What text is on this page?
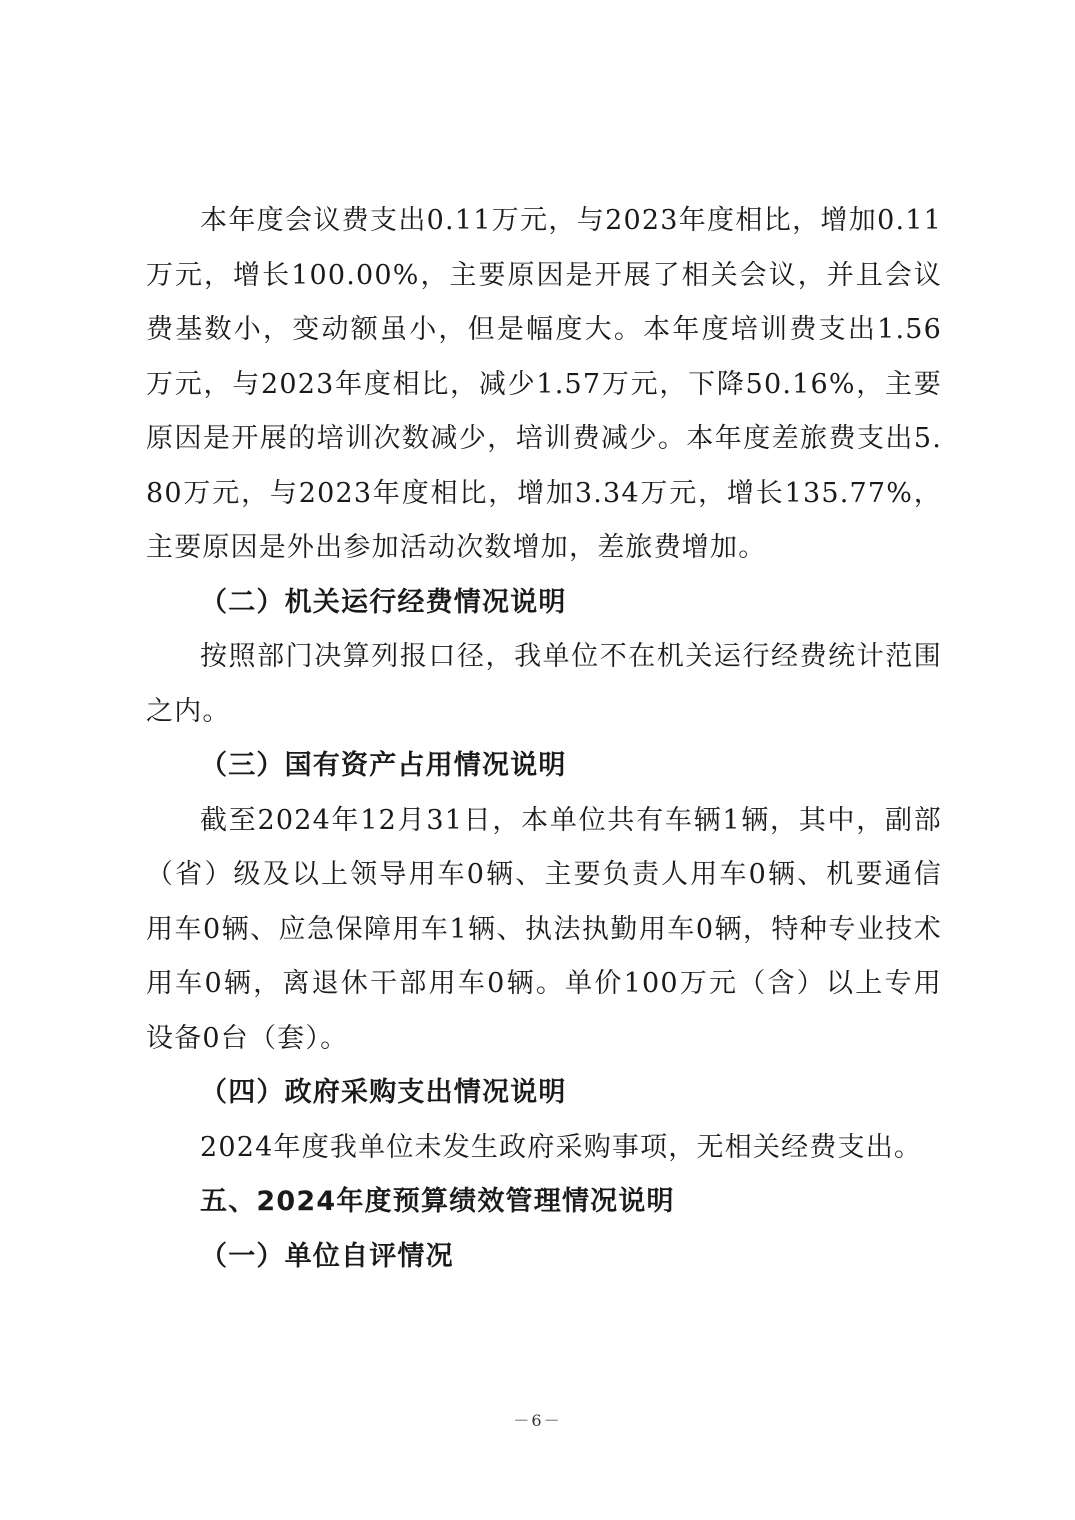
本年度会议费支出0.11万元，与2023年度相比，增加0.11万元，增长100.00%，主要原因是开展了相关会议，并且会议费基数小，变动额虽小，但是幅度大。本年度培训费支出1.56万元，与2023年度相比，减少1.57万元，下降50.16%，主要原因是开展的培训次数减少，培训费减少。本年度差旅费支出5.80万元，与2023年度相比，增加3.34万元，增长135.77%，主要原因是外出参加活动次数增加，差旅费增加。

（二）机关运行经费情况说明

按照部门决算列报口径，我单位不在机关运行经费统计范围之内。

（三）国有资产占用情况说明

截至2024年12月31日，本单位共有车辆1辆，其中，副部（省）级及以上领导用车0辆、主要负责人用车0辆、机要通信用车0辆、应急保障用车1辆、执法执勤用车0辆，特种专业技术用车0辆，离退休干部用车0辆。单价100万元（含）以上专用设备0台（套）。

（四）政府采购支出情况说明

2024年度我单位未发生政府采购事项，无相关经费支出。

五、2024年度预算绩效管理情况说明

（一）单位自评情况

－6－
